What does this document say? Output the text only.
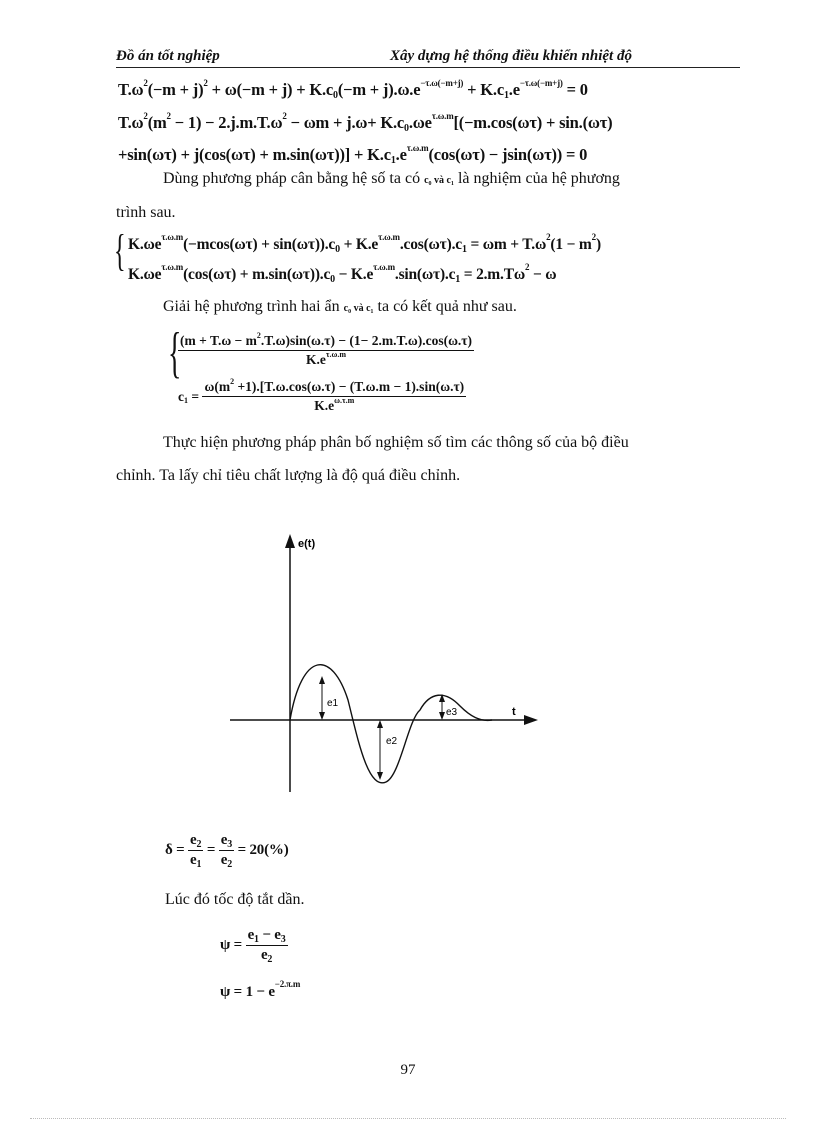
Đồ án tốt nghiệp	Xây dựng hệ thống điều khiển nhiệt độ
$T.\omega^2(-m + j)^2 + \omega(-m + j) + K.c_0(-m + j).\omega.e^{-\tau.\omega(-m+j)} + K.c_1.e^{-\tau.\omega(-m+j)} = 0$
$T.\omega^2(m^2 - 1) - 2.j.m.T.\omega^2 - \omega m + j.\omega+ K.c_0.\omega e^{\tau.\omega.m}[(-m.\cos(\omega\tau) + \sin.(\omega\tau)$
$+\sin(\omega\tau) + j(\cos(\omega\tau) + m.\sin(\omega\tau))] + K.c_1.e^{\tau.\omega.m}(\cos(\omega\tau) - jsin(\omega\tau)) = 0$
Dùng phương pháp cân bằng hệ số ta có c₀ và c₁ là nghiệm của hệ phương
trình sau.
{ $K.\omega e^{\tau.\omega.m}(-mcos(\omega\tau) + \sin(\omega\tau)).c_0 + K.e^{\tau.\omega.m}.\cos(\omega\tau).c_1 = \omega m + T.\omega^2(1 - m^2)$
$K.\omega e^{\tau.\omega.m}(\cos(\omega\tau) + m.\sin(\omega\tau)).c_0 - K.e^{\tau.\omega.m}.\sin(\omega\tau).c_1 = 2.m.T\omega^2 - \omega$
Giải hệ phương trình hai ẩn c₀ và c₁ ta có kết quả như sau.
{
$\frac{(m + T.\omega - m^2.T.\omega)\sin(\omega.\tau) - (1- 2.m.T.\omega).\cos(\omega.\tau)}{K.e^{\tau.\omega.m}}$
$c_1 = \frac{\omega(m^2 +1).[T.\omega.\cos(\omega.\tau) - (T.\omega.m - 1).\sin(\omega.\tau)}{K.e^{\omega.\tau.m}}$
Thực hiện phương pháp phân bố nghiệm số tìm các thông số của bộ điều
chỉnh. Ta lấy chỉ tiêu chất lượng là độ quá điều chỉnh.
e(t)
t
e1
e2
e3
$\delta = \frac{e_2}{e_1} = \frac{e_3}{e_2} = 20(\%)$
Lúc đó tốc độ tắt dần.
$\psi = \frac{e_1 - e_3}{e_2}$
$\psi = 1 - e^{-2.\pi.m}$
97
